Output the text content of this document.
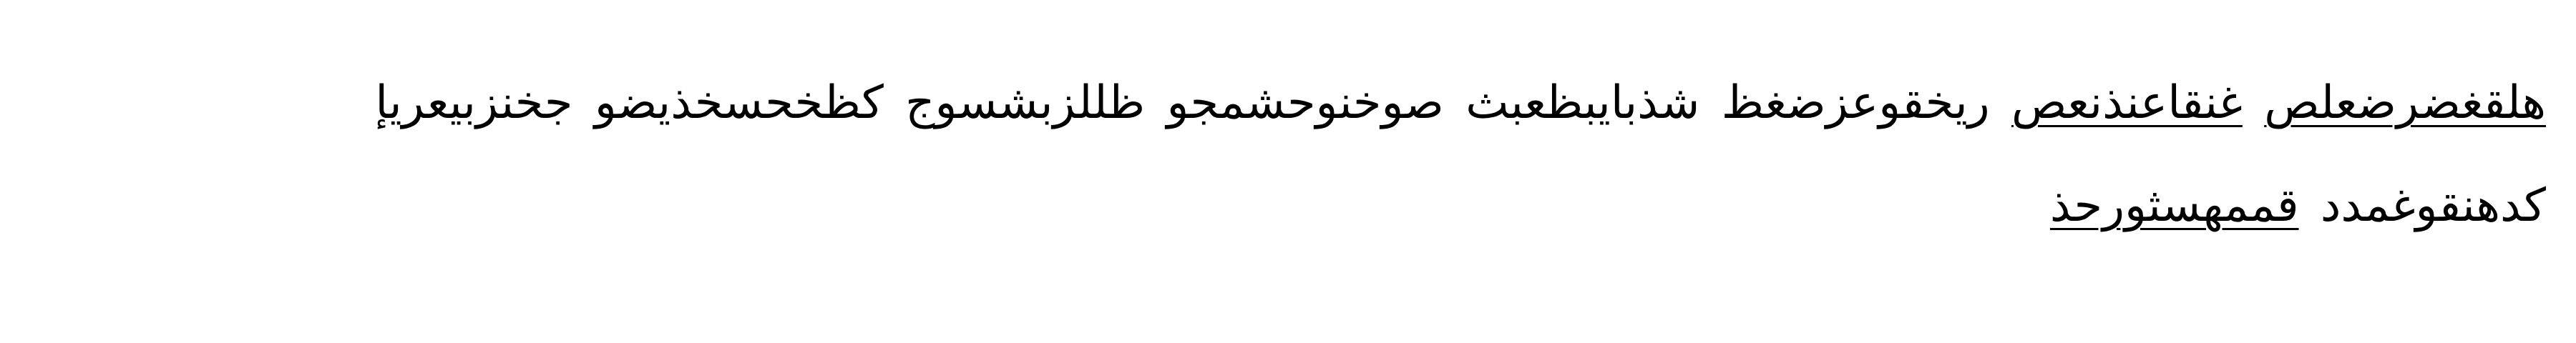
هلقغضرضعلص غنقاعنذنعص ريخقوعزضغظ شذبايبظعبث صوخنوحشمجو ظللزبشسوج كظخحسخذيضو جخنزبيعريإ كدهنقوغمدد قممهسثورحذ
